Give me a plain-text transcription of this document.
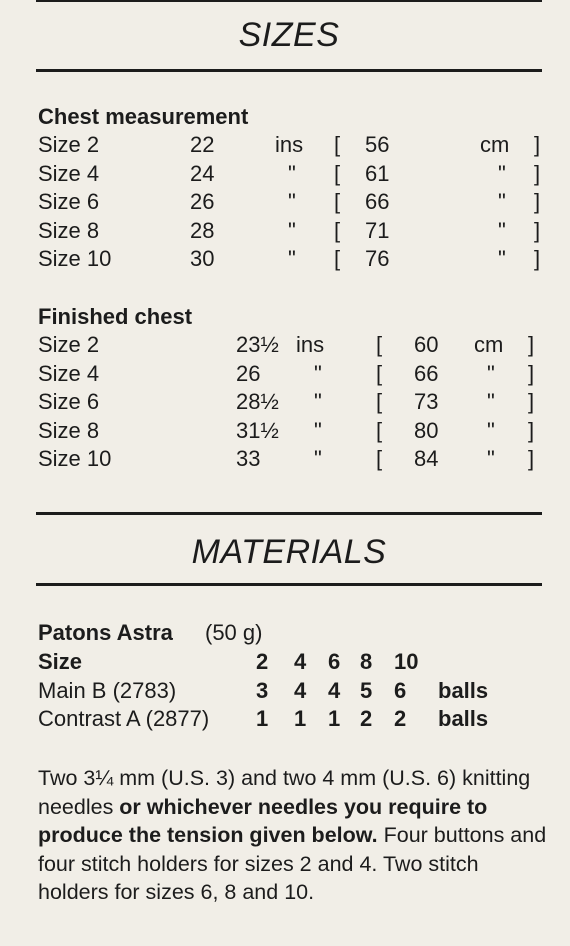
SIZES
Chest measurement
Size 2	22	ins [ 56	cm ]
Size 4	24	" [ 61	" ]
Size 6	26	" [ 66	" ]
Size 8	28	" [ 71	" ]
Size 10	30	" [ 76	" ]
Finished chest
Size 2	23½ ins [ 60 cm ]
Size 4	26 " [ 66 " ]
Size 6	28½ " [ 73 " ]
Size 8	31½ " [ 80 " ]
Size 10	33 " [ 84 " ]
MATERIALS
Patons Astra (50 g)
Size	2 4 6 8 10
Main B (2783)	3 4 4 5 6 balls
Contrast A (2877) 1 1 1 2 2 balls
Two 3¼ mm (U.S. 3) and two 4 mm (U.S. 6) knitting needles or whichever needles you require to produce the tension given below. Four buttons and four stitch holders for sizes 2 and 4. Two stitch holders for sizes 6, 8 and 10.
